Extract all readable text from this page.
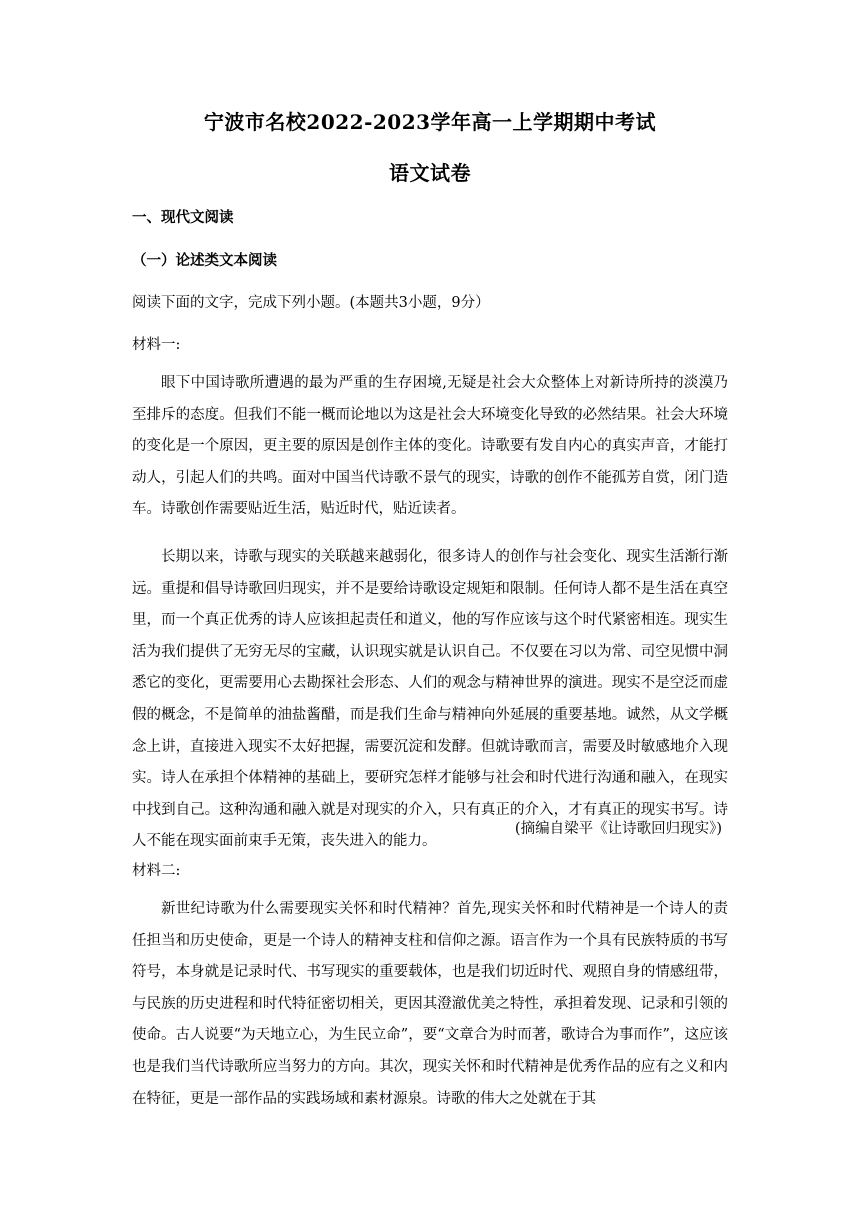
宁波市名校2022-2023学年高一上学期期中考试
语文试卷
一、现代文阅读
（一）论述类文本阅读
阅读下面的文字，完成下列小题。(本题共3小题，9分）
材料一:

眼下中国诗歌所遭遇的最为严重的生存困境,无疑是社会大众整体上对新诗所持的淡漠乃至排斥的态度。但我们不能一概而论地以为这是社会大环境变化导致的必然结果。社会大环境的变化是一个原因，更主要的原因是创作主体的变化。诗歌要有发自内心的真实声音，才能打动人，引起人们的共鸣。面对中国当代诗歌不景气的现实，诗歌的创作不能孤芳自赏，闭门造车。诗歌创作需要贴近生活，贴近时代，贴近读者。

长期以来，诗歌与现实的关联越来越弱化，很多诗人的创作与社会变化、现实生活渐行渐远。重提和倡导诗歌回归现实，并不是要给诗歌设定规矩和限制。任何诗人都不是生活在真空里，而一个真正优秀的诗人应该担起责任和道义，他的写作应该与这个时代紧密相连。现实生活为我们提供了无穷无尽的宝藏，认识现实就是认识自己。不仅要在习以为常、司空见惯中洞悉它的变化，更需要用心去勘探社会形态、人们的观念与精神世界的演进。现实不是空泛而虚假的概念，不是简单的油盐酱醋，而是我们生命与精神向外延展的重要基地。诚然，从文学概念上讲，直接进入现实不太好把握，需要沉淀和发酵。但就诗歌而言，需要及时敏感地介入现实。诗人在承担个体精神的基础上，要研究怎样才能够与社会和时代进行沟通和融入，在现实中找到自己。这种沟通和融入就是对现实的介入，只有真正的介入，才有真正的现实书写。诗人不能在现实面前束手无策，丧失进入的能力。

(摘编自梁平《让诗歌回归现实》)
材料二:

新世纪诗歌为什么需要现实关怀和时代精神？首先,现实关怀和时代精神是一个诗人的责任担当和历史使命，更是一个诗人的精神支柱和信仰之源。语言作为一个具有民族特质的书写符号，本身就是记录时代、书写现实的重要载体，也是我们切近时代、观照自身的情感纽带，与民族的历史进程和时代特征密切相关，更因其澄澈优美之特性，承担着发现、记录和引领的使命。古人说要“为天地立心，为生民立命”，要“文章合为时而著，歌诗合为事而作”，这应该也是我们当代诗歌所应当努力的方向。其次，现实关怀和时代精神是优秀作品的应有之义和内在特征，更是一部作品的实践场域和素材源泉。诗歌的伟大之处就在于其
